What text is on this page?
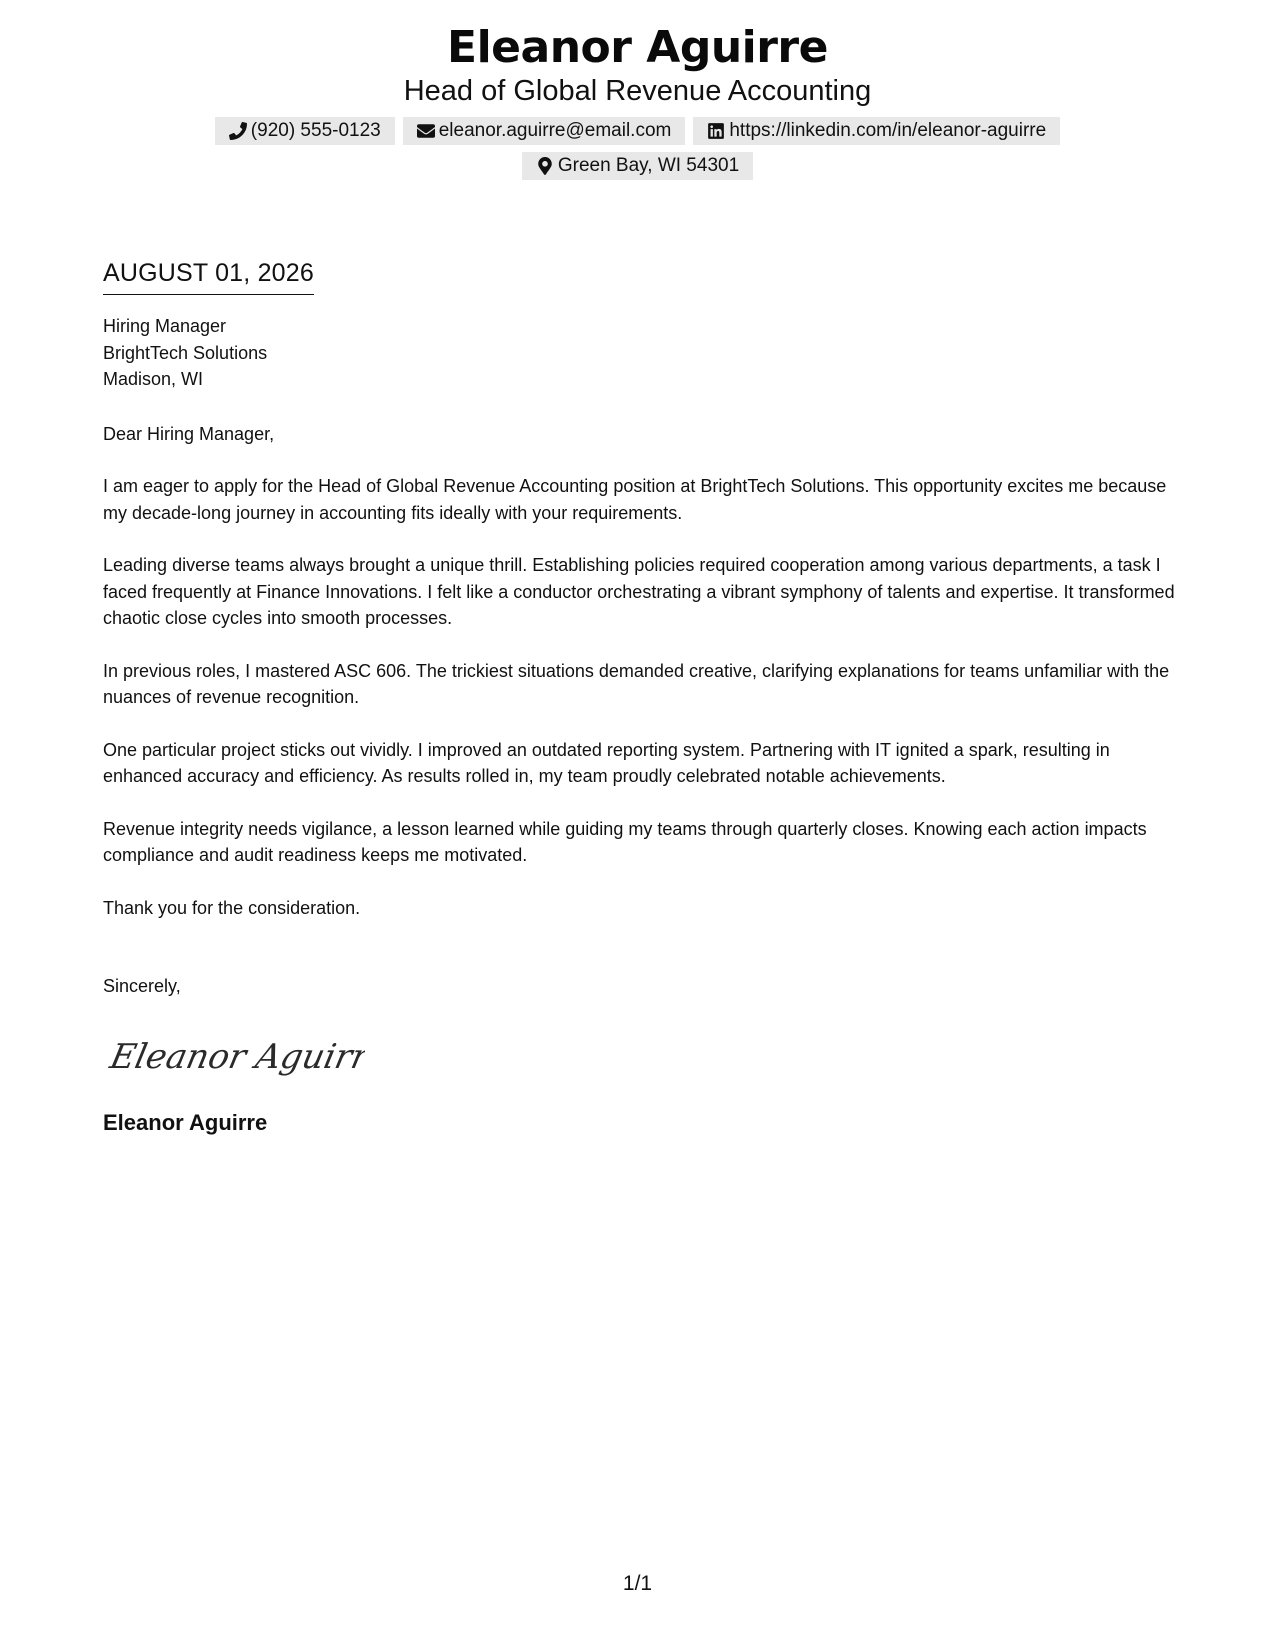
Eleanor Aguirre
Head of Global Revenue Accounting
(920) 555-0123	eleanor.aguirre@email.com	https://linkedin.com/in/eleanor-aguirre
Green Bay, WI 54301
AUGUST 01, 2026
Hiring Manager
BrightTech Solutions
Madison, WI
Dear Hiring Manager,
I am eager to apply for the Head of Global Revenue Accounting position at BrightTech Solutions. This opportunity excites me because my decade-long journey in accounting fits ideally with your requirements.
Leading diverse teams always brought a unique thrill. Establishing policies required cooperation among various departments, a task I faced frequently at Finance Innovations. I felt like a conductor orchestrating a vibrant symphony of talents and expertise. It transformed chaotic close cycles into smooth processes.
In previous roles, I mastered ASC 606. The trickiest situations demanded creative, clarifying explanations for teams unfamiliar with the nuances of revenue recognition.
One particular project sticks out vividly. I improved an outdated reporting system. Partnering with IT ignited a spark, resulting in enhanced accuracy and efficiency. As results rolled in, my team proudly celebrated notable achievements.
Revenue integrity needs vigilance, a lesson learned while guiding my teams through quarterly closes. Knowing each action impacts compliance and audit readiness keeps me motivated.
Thank you for the consideration.
Sincerely,
Eleanor Aguirre
Eleanor Aguirre
1/1
